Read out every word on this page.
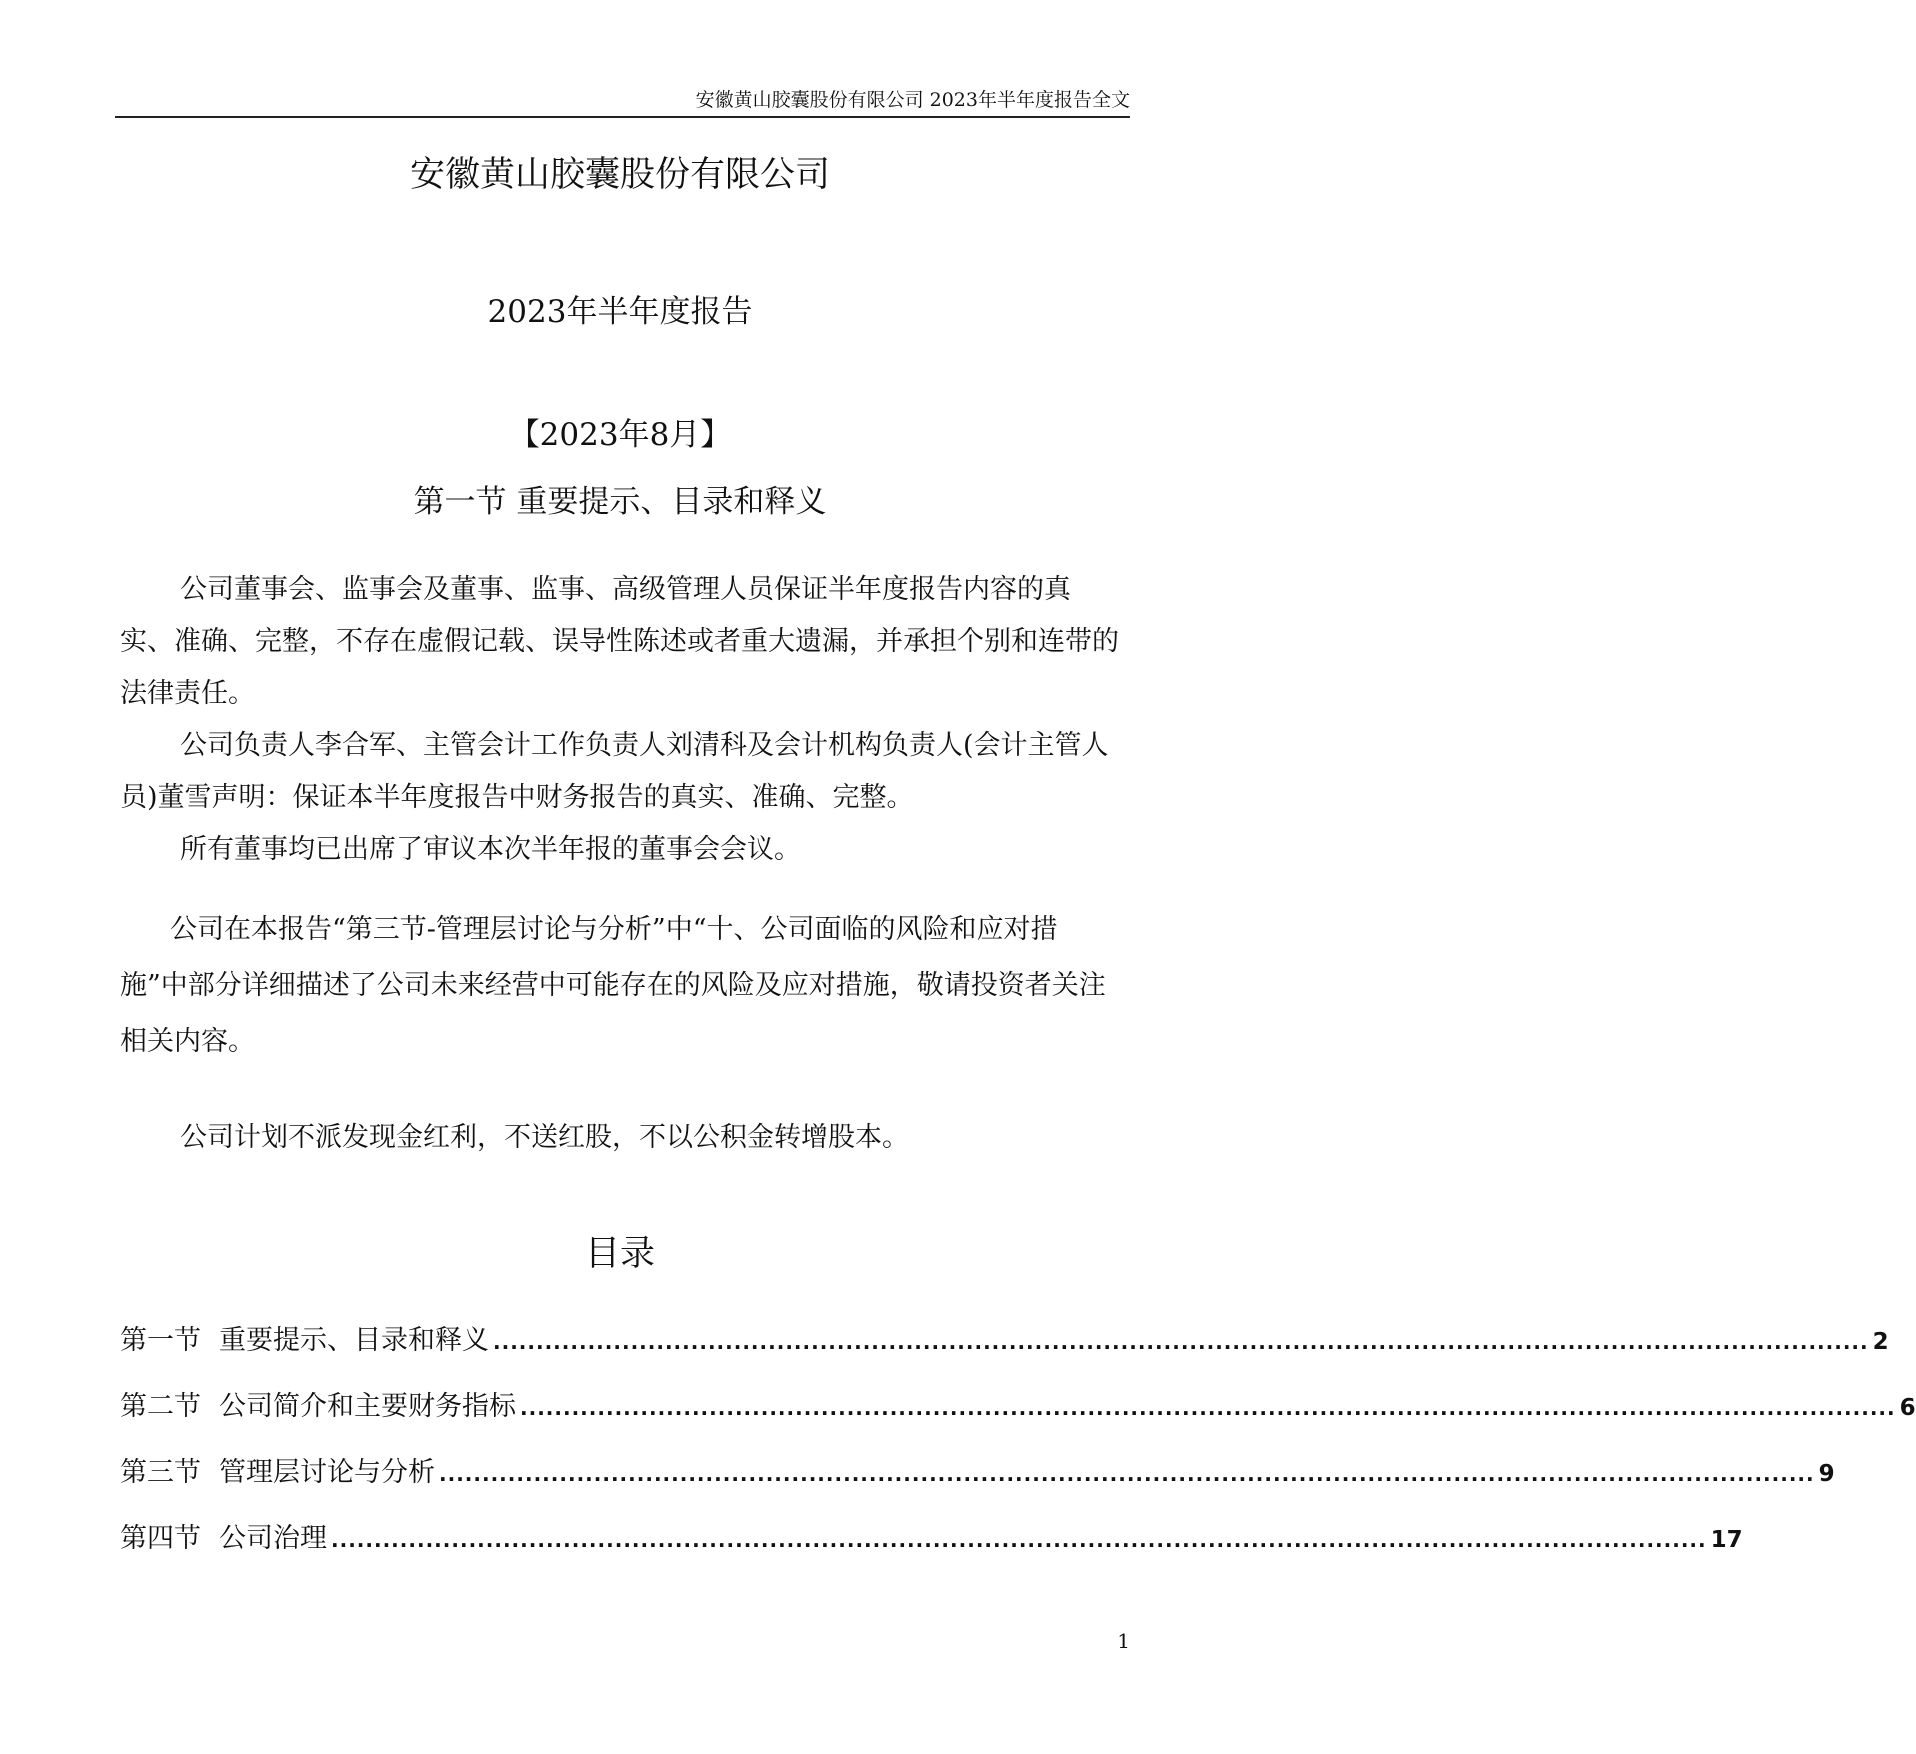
安徽黄山胶囊股份有限公司 2023年半年度报告全文
安徽黄山胶囊股份有限公司
2023年半年度报告
【2023年8月】
第一节 重要提示、目录和释义

公司董事会、监事会及董事、监事、高级管理人员保证半年度报告内容的真实、准确、完整，不存在虚假记载、误导性陈述或者重大遗漏，并承担个别和连带的法律责任。

公司负责人李合军、主管会计工作负责人刘清科及会计机构负责人(会计主管人员)董雪声明：保证本半年度报告中财务报告的真实、准确、完整。

所有董事均已出席了审议本次半年报的董事会会议。

公司在本报告“第三节-管理层讨论与分析”中“十、公司面临的风险和应对措施”中部分详细描述了公司未来经营中可能存在的风险及应对措施，敬请投资者关注相关内容。

公司计划不派发现金红利，不送红股，不以公积金转增股本。

目录
第一节 重要提示、目录和释义 ................................................................................................................................................................ 2
第二节 公司简介和主要财务指标 ................................................................................................................................................................ 6
第三节 管理层讨论与分析 ................................................................................................................................................................ 9
第四节 公司治理 ................................................................................................................................................................ 17
1
